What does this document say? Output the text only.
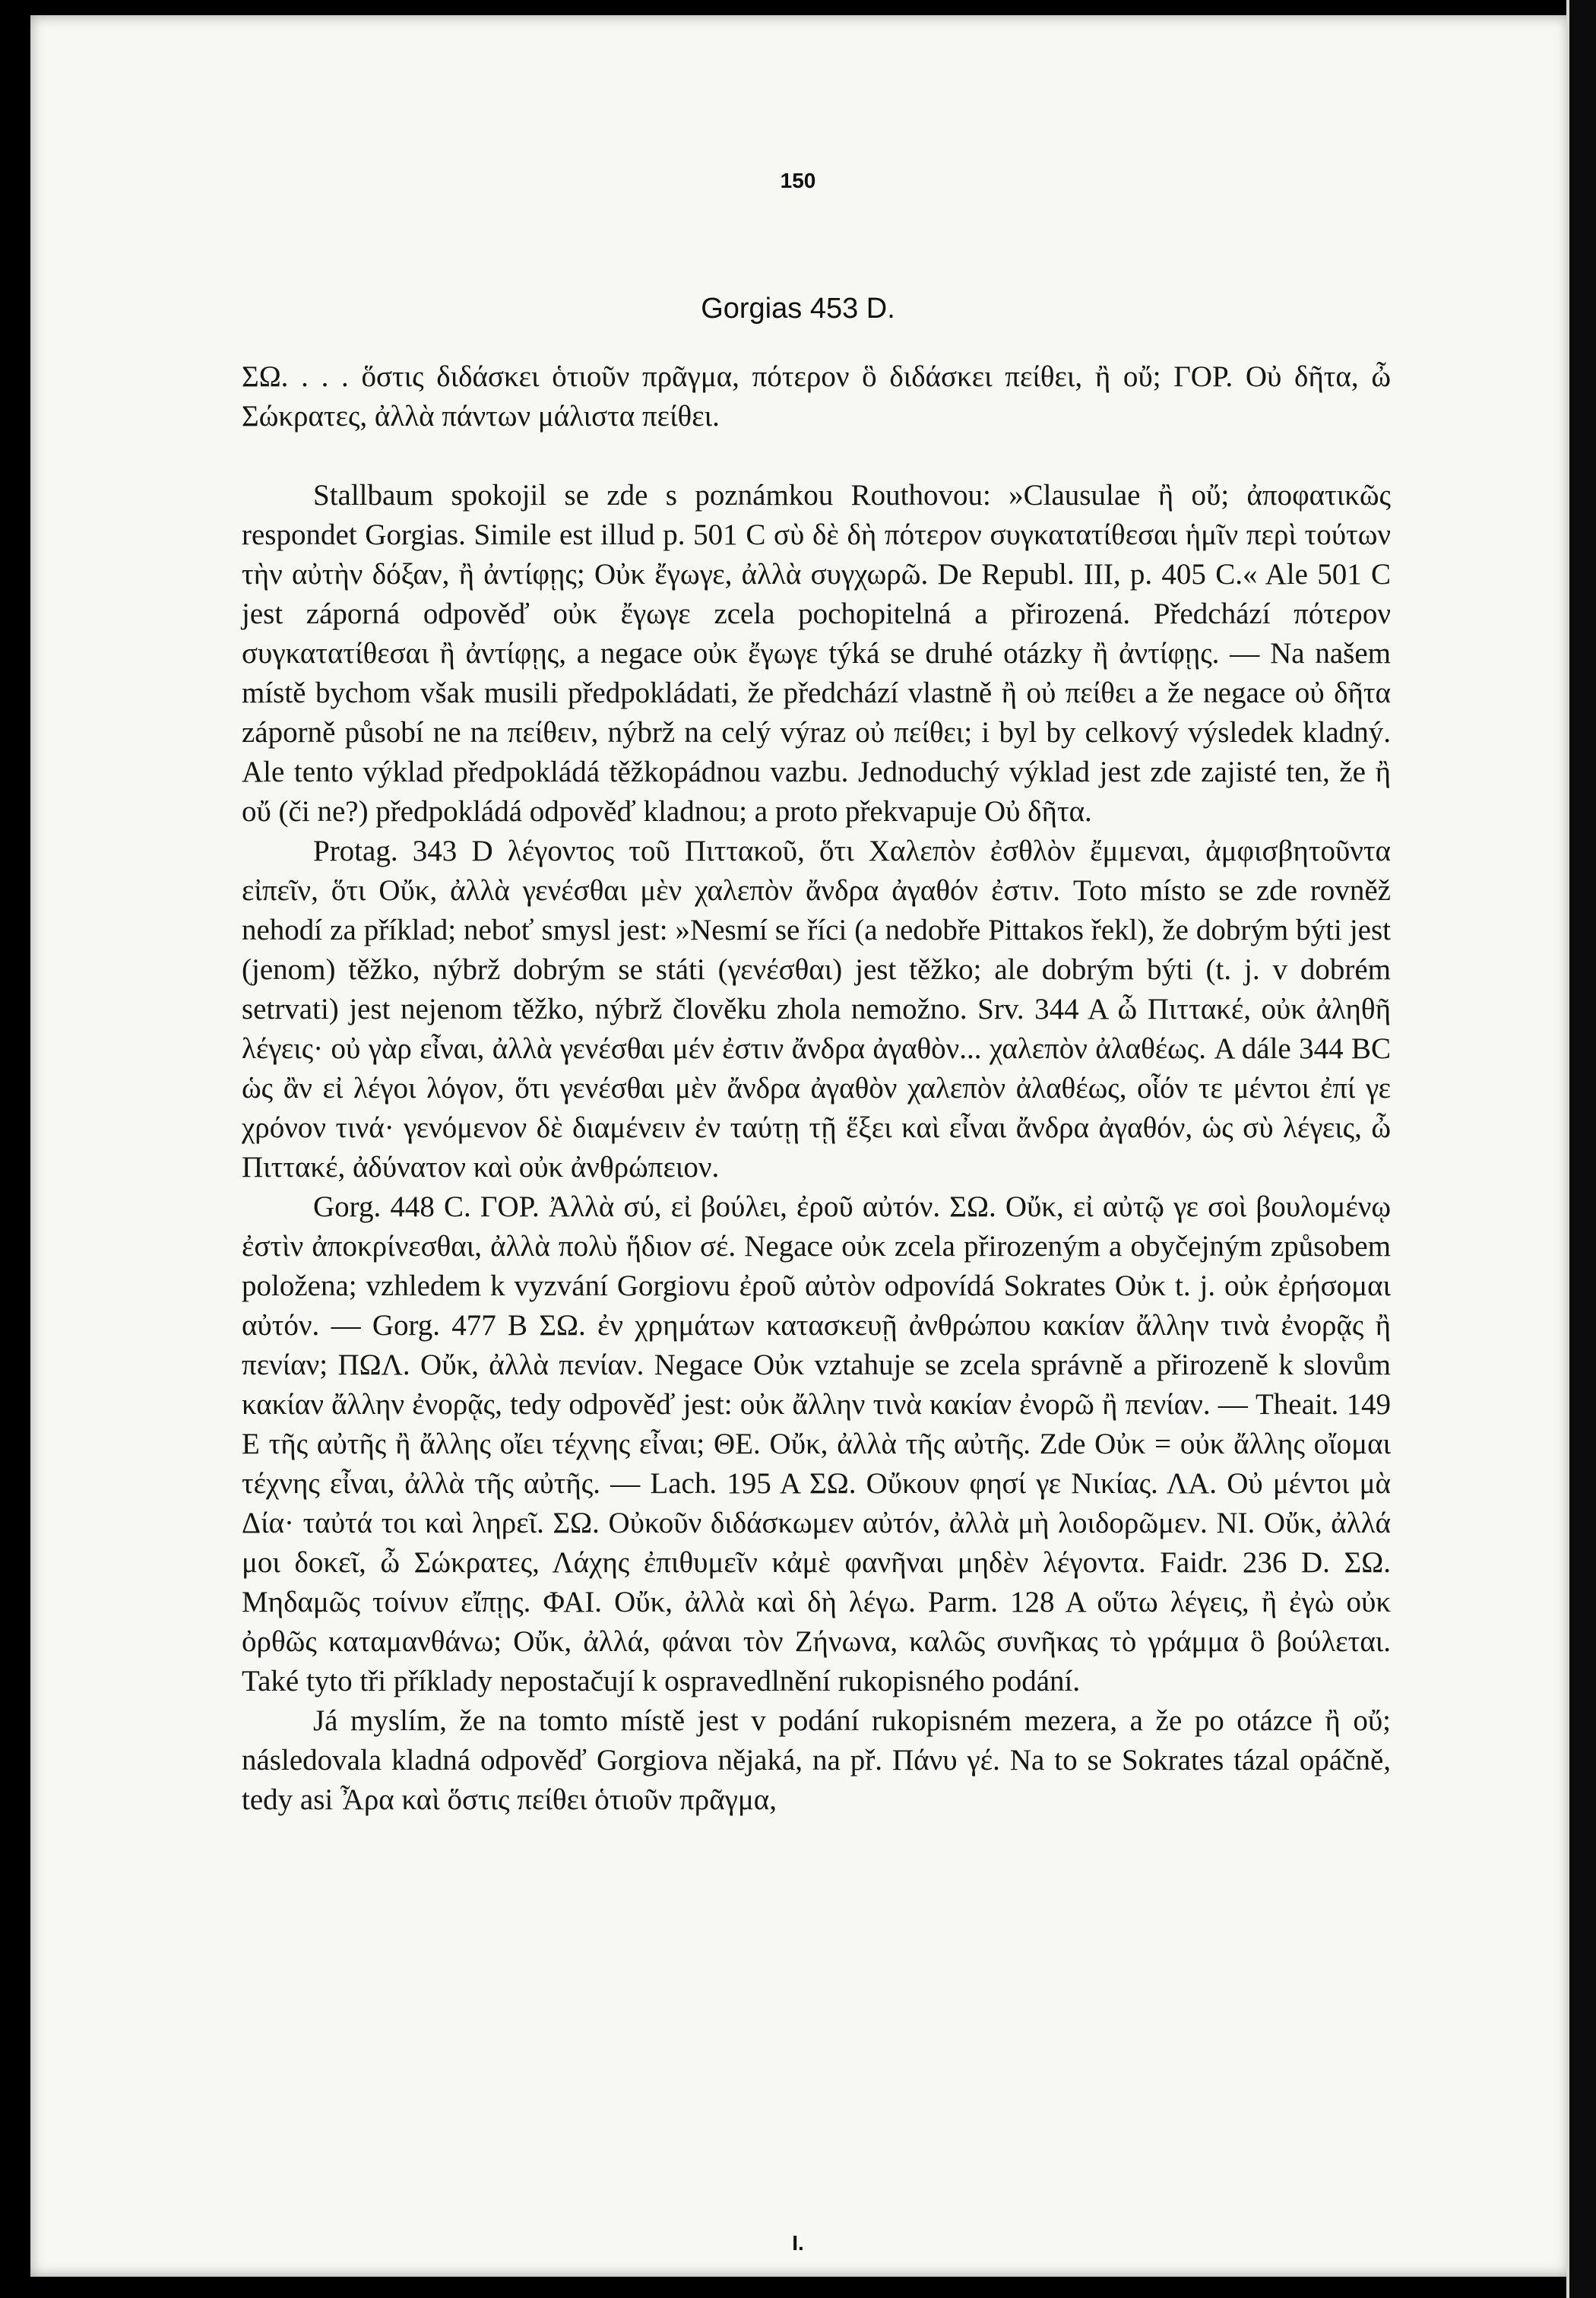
150
Gorgias 453 D.

ΣΩ. . . . ὅστις διδάσκει ὁτιοῦν πρᾶγμα, πότερον ὃ διδάσκει πείθει, ἢ οὔ; ΓΟΡ. Οὐ δῆτα, ὦ Σώκρατες, ἀλλὰ πάντων μάλιστα πείθει.

Stallbaum spokojil se zde s poznámkou Routhovou: »Clausulae ἢ οὔ; ἀποφατικῶς respondet Gorgias. Simile est illud p. 501 C σὺ δὲ δὴ πότερον συγκατατίθεσαι ἡμῖν περὶ τούτων τὴν αὐτὴν δόξαν, ἢ ἀντίφῃς; Οὐκ ἔγωγε, ἀλλὰ συγχωρῶ. De Republ. III, p. 405 C.« Ale 501 C jest záporná odpověď οὐκ ἔγωγε zcela pochopitelná a přirozená. Předchází πότερον συγκατατίθεσαι ἢ ἀντίφῃς, a negace οὐκ ἔγωγε týká se druhé otázky ἢ ἀντίφῃς. — Na našem místě bychom však musili předpokládati, že předchází vlastně ἢ οὐ πείθει a že negace οὐ δῆτα záporně působí ne na πείθειν, nýbrž na celý výraz οὐ πείθει; i byl by celkový výsledek kladný. Ale tento výklad předpokládá těžkopádnou vazbu. Jednoduchý výklad jest zde zajisté ten, že ἢ οὔ (či ne?) předpokládá odpověď kladnou; a proto překvapuje Οὐ δῆτα.

Protag. 343 D λέγοντος τοῦ Πιττακοῦ, ὅτι Χαλεπὸν ἐσθλὸν ἔμμεναι, ἀμφισβητοῦντα εἰπεῖν, ὅτι Οὔκ, ἀλλὰ γενέσθαι μὲν χαλεπὸν ἄνδρα ἀγαθόν ἐστιν. Toto místo se zde rovněž nehodí za příklad; neboť smysl jest: »Nesmí se říci (a nedobře Pittakos řekl), že dobrým býti jest (jenom) těžko, nýbrž dobrým se státi (γενέσθαι) jest těžko; ale dobrým býti (t. j. v dobrém setrvati) jest nejenom těžko, nýbrž člověku zhola nemožno. Srv. 344 A ὦ Πιττακέ, οὐκ ἀληθῆ λέγεις· οὐ γὰρ εἶναι, ἀλλὰ γενέσθαι μέν ἐστιν ἄνδρα ἀγαθὸν... χαλεπὸν ἀλαθέως. A dále 344 BC ὡς ἂν εἰ λέγοι λόγον, ὅτι γενέσθαι μὲν ἄνδρα ἀγαθὸν χαλεπὸν ἀλαθέως, οἷόν τε μέντοι ἐπί γε χρόνον τινά· γενόμενον δὲ διαμένειν ἐν ταύτῃ τῇ ἕξει καὶ εἶναι ἄνδρα ἀγαθόν, ὡς σὺ λέγεις, ὦ Πιττακέ, ἀδύνατον καὶ οὐκ ἀνθρώπειον.

Gorg. 448 C. ΓΟΡ. Ἀλλὰ σύ, εἰ βούλει, ἐροῦ αὐτόν. ΣΩ. Οὔκ, εἰ αὐτῷ γε σοὶ βουλομένῳ ἐστὶν ἀποκρίνεσθαι, ἀλλὰ πολὺ ἥδιον σέ. Negace οὐκ zcela přirozeným a obyčejným způsobem položena; vzhledem k vyzvání Gorgiovu ἐροῦ αὐτὸν odpovídá Sokrates Οὐκ t. j. οὐκ ἐρήσομαι αὐτόν. — Gorg. 477 B ΣΩ. ἐν χρημάτων κατασκευῇ ἀνθρώπου κακίαν ἄλλην τινὰ ἐνορᾷς ἢ πενίαν; ΠΩΛ. Οὔκ, ἀλλὰ πενίαν. Negace Οὐκ vztahuje se zcela správně a přirozeně k slovům κακίαν ἄλλην ἐνορᾷς, tedy odpověď jest: οὐκ ἄλλην τινὰ κακίαν ἐνορῶ ἢ πενίαν. — Theait. 149 E τῆς αὐτῆς ἢ ἄλλης οἴει τέχνης εἶναι; ΘΕ. Οὔκ, ἀλλὰ τῆς αὐτῆς. Zde Οὐκ = οὐκ ἄλλης οἴομαι τέχνης εἶναι, ἀλλὰ τῆς αὐτῆς. — Lach. 195 A ΣΩ. Οὔκουν φησί γε Νικίας. ΛΑ. Οὐ μέντοι μὰ Δία· ταὐτά τοι καὶ ληρεῖ. ΣΩ. Οὐκοῦν διδάσκωμεν αὐτόν, ἀλλὰ μὴ λοιδορῶμεν. ΝΙ. Οὔκ, ἀλλά μοι δοκεῖ, ὦ Σώκρατες, Λάχης ἐπιθυμεῖν κἀμὲ φανῆναι μηδὲν λέγοντα. Faidr. 236 D. ΣΩ. Μηδαμῶς τοίνυν εἴπῃς. ΦΑΙ. Οὔκ, ἀλλὰ καὶ δὴ λέγω. Parm. 128 A οὕτω λέγεις, ἢ ἐγὼ οὐκ ὀρθῶς καταμανθάνω; Οὔκ, ἀλλά, φάναι τὸν Ζήνωνα, καλῶς συνῆκας τὸ γράμμα ὃ βούλεται. Také tyto tři příklady nepostačují k ospravedlnění rukopisného podání.

Já myslím, že na tomto místě jest v podání rukopisném mezera, a že po otázce ἢ οὔ; následovala kladná odpověď Gorgiova nějaká, na př. Πάνυ γέ. Na to se Sokrates tázal opáčně, tedy asi Ἆρα καὶ ὅστις πείθει ὁτιοῦν πρᾶγμα,

I.
